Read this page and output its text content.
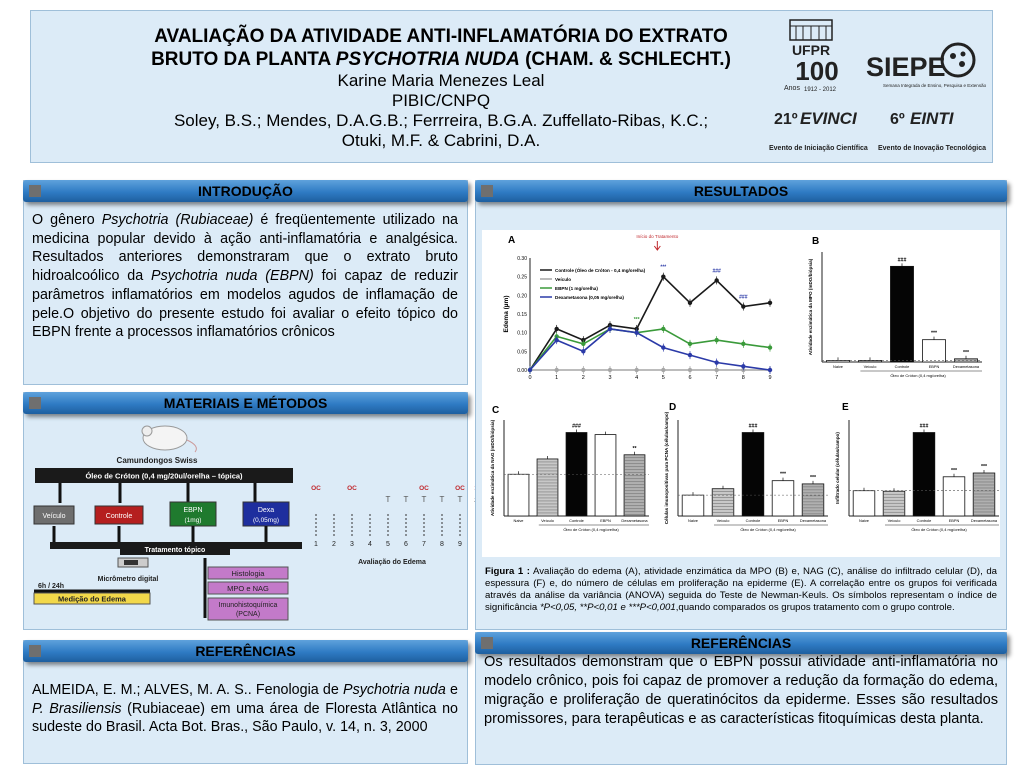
AVALIAÇÃO DA ATIVIDADE ANTI-INFLAMATÓRIA DO EXTRATO
BRUTO DA PLANTA PSYCHOTRIA NUDA (CHAM. & SCHLECHT.)
Karine Maria Menezes Leal
PIBIC/CNPQ
Soley, B.S.; Mendes, D.A.G.B.; Ferrreira, B.G.A. Zuffellato-Ribas, K.C.;
Otuki, M.F. & Cabrini, D.A.
UFPR
100
Anos 1912 - 2012
SIEPE
Semana Integrada de Ensino, Pesquisa e Extensão
21º EVINCI
Evento de Iniciação Científica
6º EINTI
Evento de Inovação Tecnológica
INTRODUÇÃO
O gênero Psychotria (Rubiaceae) é freqüentemente utilizado na medicina popular devido à ação anti-inflamatória e analgésica. Resultados anteriores demonstraram que o extrato bruto hidroalcoólico da Psychotria nuda (EBPN) foi capaz de reduzir parâmetros inflamatórios em modelos agudos de inflamação de pele.O objetivo do presente estudo foi avaliar o efeito tópico do EBPN frente a processos inflamatórios crônicos
MATERIAIS E MÉTODOS
Camundongos Swiss
Óleo de Cróton (0,4 mg/20ul/orelha – tópica)
Veículo	Controle
EBPN
(1mg)
Dexa
(0,05mg)
Tratamento tópico
Micrômetro digital
6h / 24h
Medição do Edema
Histologia
MPO e NAG
Imunohistoquímica (PCNA)
OC	OC	OC	OC
T T T T T
1 2 3 4 5 6 7 8 9
Avaliação do Edema
REFERÊNCIAS
ALMEIDA, E. M.; ALVES, M. A. S.. Fenologia de Psychotria nuda e P. Brasiliensis (Rubiaceae) em uma área de Floresta Atlântica no sudeste do Brasil. Acta Bot. Bras., São Paulo, v. 14, n. 3, 2000
RESULTADOS
A
0.00
0.05
0.10
0.15
0.20
0.25
0.30
0	1	2	3	4	5	6	7	8	9
Edema (µm)
Controle (Óleo de Cróton - 0,4 mg/orelha)
Veículo
EBPN (1 mg/orelha)
Dexametasona (0,05 mg/orelha)
Início do Tratamento
***
###
***
###
B
Naive	Veículo
###
Controle
***
EBPN
***
Dexametasona
Óleo de Cróton (0,4 mg/orelha)
Atividade enzimática da MPO (mDO/biópsia)
C
Naive	Veículo
###
Controle	EBPN
**
Dexametasona
Óleo de Cróton (0,4 mg/orelha)
Atividade enzimática da NAG (mDO/biópsia)
D
Naive	Veículo
###
Controle
***
EBPN
***
Dexametasona
Óleo de Cróton (0,4 mg/orelha)
Células imunopositivas para PCNA (células/campo)
E
Naive	Veículo
###
Controle
***
EBPN
***
Dexametasona
Óleo de Cróton (0,4 mg/orelha)
Infiltrado celular (células/campo)
Figura 1 : Avaliação do edema (A), atividade enzimática da MPO (B) e, NAG (C), análise do infiltrado celular (D), da espessura (F) e, do número de células em proliferação na epiderme (E). A correlação entre os grupos foi verificada através da análise da variância (ANOVA) seguida do Teste de Newman-Keuls. Os símbolos representam o índice de significância *P<0,05, **P<0,01 e ***P<0,001,quando comparados os grupos tratamento com o grupo controle.
REFERÊNCIAS
Os resultados demonstram que o EBPN possui atividade anti-inflamatória no modelo crônico, pois foi capaz de promover a redução da formação do edema, migração e proliferação de queratinócitos da epiderme. Esses são resultados promissores, para terapêuticas e as características fitoquímicas desta planta.
